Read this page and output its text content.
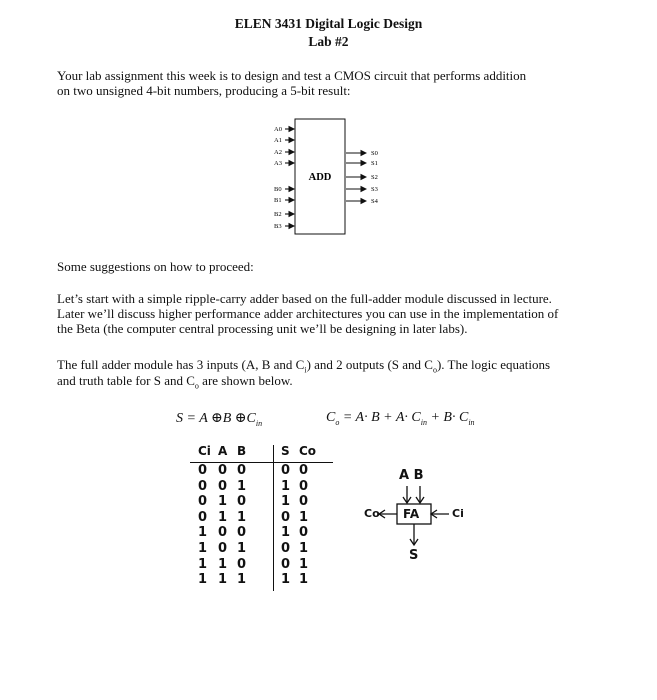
ELEN 3431 Digital Logic Design
Lab #2
Your lab assignment this week is to design and test a CMOS circuit that performs addition
on two unsigned 4-bit numbers, producing a 5-bit result:
ADD
A0
A1
A2
A3
B0
B1
B2
B3
S0
S1
S2
S3
S4
Some suggestions on how to proceed:
Let’s start with a simple ripple-carry adder based on the full-adder module discussed in lecture.
Later we’ll discuss higher performance adder architectures you can use in the implementation of
the Beta (the computer central processing unit we’ll be designing in later labs).
The full adder module has 3 inputs (A, B and $C_i$) and 2 outputs (S and $C_o$). The logic equations
and truth table for S and $C_o$ are shown below.
S = A ⊕B $\oplus C_{in}$	$C_o = A\cdot B + A\cdot C_{in} + B\cdot C_{in}$
Ci A B	S Co
0 0 0	0 0
0 0 1	1 0
0 1 0	1 0
0 1 1	0 1
1 0 0	1 0
1 0 1	0 1
1 1 0	0 1
1 1 1	1 1
A B
FA
Co	Ci
S
